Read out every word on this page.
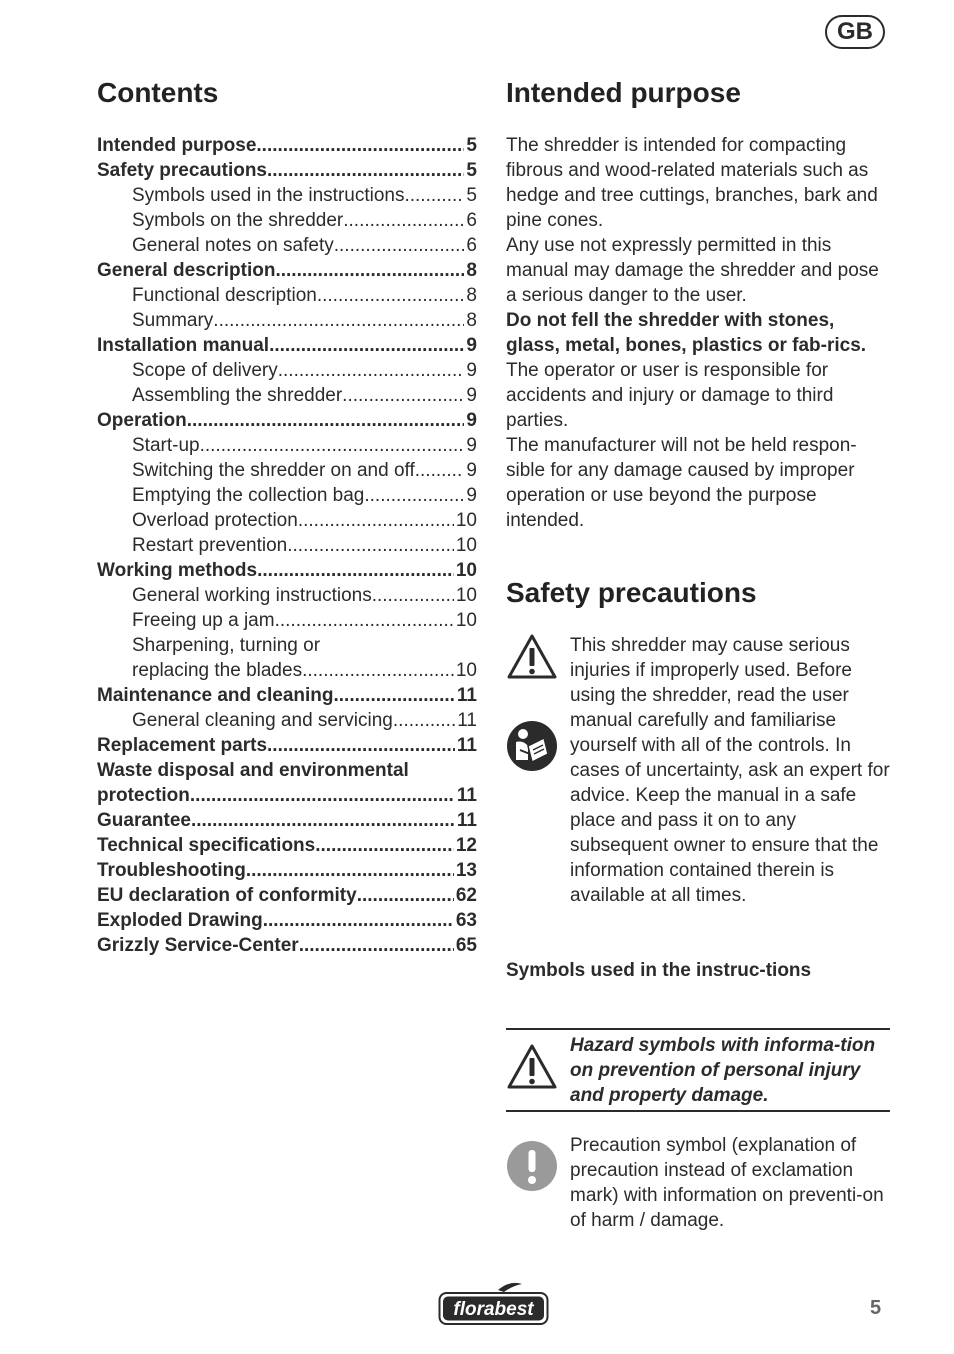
GB
Contents
Intended purpose .....	5
Safety precautions .....	5
Symbols used in the instructions .....	5
Symbols on the shredder .....	6
General notes on safety .....	6
General description .....	8
Functional description .....	8
Summary .....	8
Installation manual .....	9
Scope of delivery .....	9
Assembling the shredder .....	9
Operation .....	9
Start-up .....	9
Switching the shredder on and off .....	9
Emptying the collection bag .....	9
Overload protection .....	10
Restart prevention .....	10
Working methods .....	10
General working instructions .....	10
Freeing up a jam .....	10
Sharpening, turning or
replacing the blades .....	10
Maintenance and cleaning .....	11
General cleaning and servicing .....	11
Replacement parts .....	11
Waste disposal and environmental
protection .....	11
Guarantee .....	11
Technical specifications .....	12
Troubleshooting .....	13
EU declaration of conformity .....	62
Exploded Drawing .....	63
Grizzly Service-Center .....	65
Intended purpose

The shredder is intended for compacting fibrous and wood-related materials such as hedge and tree cuttings, branches, bark and pine cones.

Any use not expressly permitted in this manual may damage the shredder and pose a serious danger to the user.

Do not fell the shredder with stones, glass, metal, bones, plastics or fab-rics.

The operator or user is responsible for accidents and injury or damage to third parties.

The manufacturer will not be held respon-sible for any damage caused by improper operation or use beyond the purpose intended.

Safety precautions
This shredder may cause serious injuries if improperly used. Before using the shredder, read the user manual carefully and familiarise yourself with all of the controls. In cases of uncertainty, ask an expert for advice. Keep the manual in a safe place and pass it on to any subsequent owner to ensure that the information contained therein is available at all times.
Symbols used in the instruc-tions
Hazard symbols with informa-tion on prevention of personal injury and property damage.
Precaution symbol (explanation of precaution instead of exclamation mark) with information on preventi-on of harm / damage.
florabest	5
